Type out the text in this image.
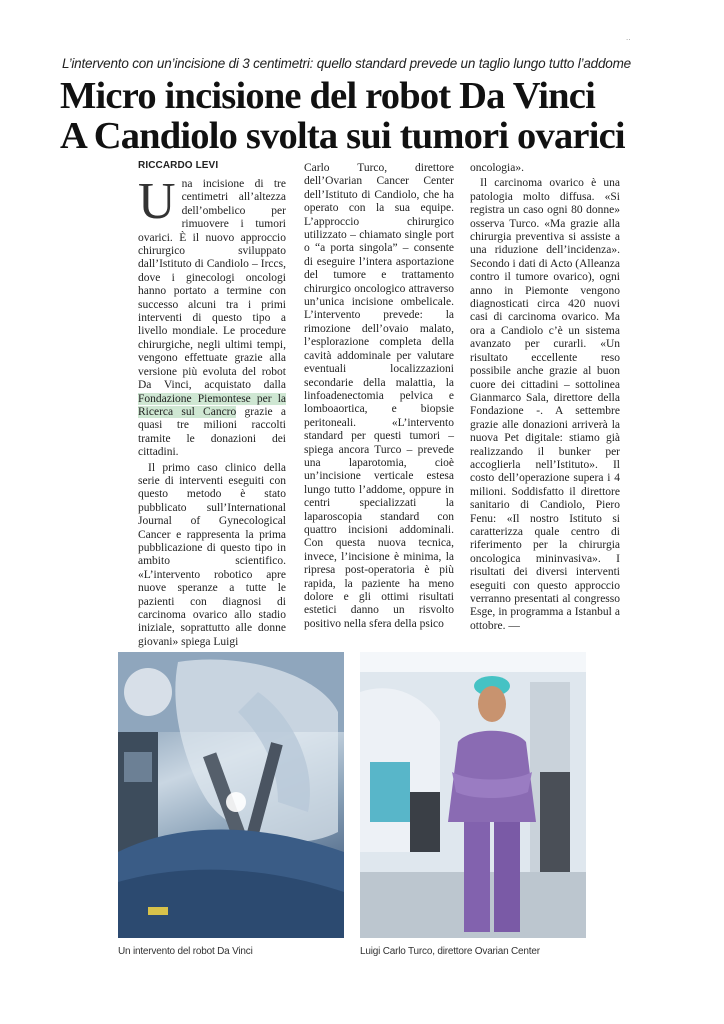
..
L’intervento con un’incisione di 3 centimetri: quello standard prevede un taglio lungo tutto l’addome
Micro incisione del robot Da Vinci
A Candiolo svolta sui tumori ovarici
RICCARDO LEVI

Una incisione di tre centimetri all’altezza dell’ombelico per rimuovere i tumori ovarici. È il nuovo approccio chirurgico sviluppato dall’Istituto di Candiolo – Irccs, dove i ginecologi oncologi hanno portato a termine con successo alcuni tra i primi interventi di questo tipo a livello mondiale. Le procedure chirurgiche, negli ultimi tempi, vengono effettuate grazie alla versione più evoluta del robot Da Vinci, acquistato dalla Fondazione Piemontese per la Ricerca sul Cancro grazie a quasi tre milioni raccolti tramite le donazioni dei cittadini.

Il primo caso clinico della serie di interventi eseguiti con questo metodo è stato pubblicato sull’International Journal of Gynecological Cancer e rappresenta la prima pubblicazione di questo tipo in ambito scientifico. «L’intervento robotico apre nuove speranze a tutte le pazienti con diagnosi di carcinoma ovarico allo stadio iniziale, soprattutto alle donne giovani» spiega Luigi

Carlo Turco, direttore dell’Ovarian Cancer Center dell’Istituto di Candiolo, che ha operato con la sua equipe. L’approccio chirurgico utilizzato – chiamato single port o “a porta singola” – consente di eseguire l’intera asportazione del tumore e trattamento chirurgico oncologico attraverso un’unica incisione ombelicale. L’intervento prevede: la rimozione dell’ovaio malato, l’esplorazione completa della cavità addominale per valutare eventuali localizzazioni secondarie della malattia, la linfoadenectomia pelvica e lomboaortica, e biopsie peritoneali. «L’intervento standard per questi tumori – spiega ancora Turco – prevede una laparotomia, cioè un’incisione verticale estesa lungo tutto l’addome, oppure in centri specializzati la laparoscopia standard con quattro incisioni addominali. Con questa nuova tecnica, invece, l’incisione è minima, la ripresa post-operatoria è più rapida, la paziente ha meno dolore e gli ottimi risultati estetici danno un risvolto positivo nella sfera della psico

oncologia».

Il carcinoma ovarico è una patologia molto diffusa. «Si registra un caso ogni 80 donne» osserva Turco. «Ma grazie alla chirurgia preventiva si assiste a una riduzione dell’incidenza». Secondo i dati di Acto (Alleanza contro il tumore ovarico), ogni anno in Piemonte vengono diagnosticati circa 420 nuovi casi di carcinoma ovarico. Ma ora a Candiolo c’è un sistema avanzato per curarli. «Un risultato eccellente reso possibile anche grazie al buon cuore dei cittadini – sottolinea Gianmarco Sala, direttore della Fondazione -. A settembre grazie alle donazioni arriverà la nuova Pet digitale: stiamo già realizzando il bunker per accoglierla nell’Istituto». Il costo dell’operazione supera i 4 milioni. Soddisfatto il direttore sanitario di Candiolo, Piero Fenu: «Il nostro Istituto si caratterizza quale centro di riferimento per la chirurgia oncologica mininvasiva». I risultati dei diversi interventi eseguiti con questo approccio verranno presentati al congresso Esge, in programma a Istanbul a ottobre. —

Un intervento del robot Da Vinci	Luigi Carlo Turco, direttore Ovarian Center
